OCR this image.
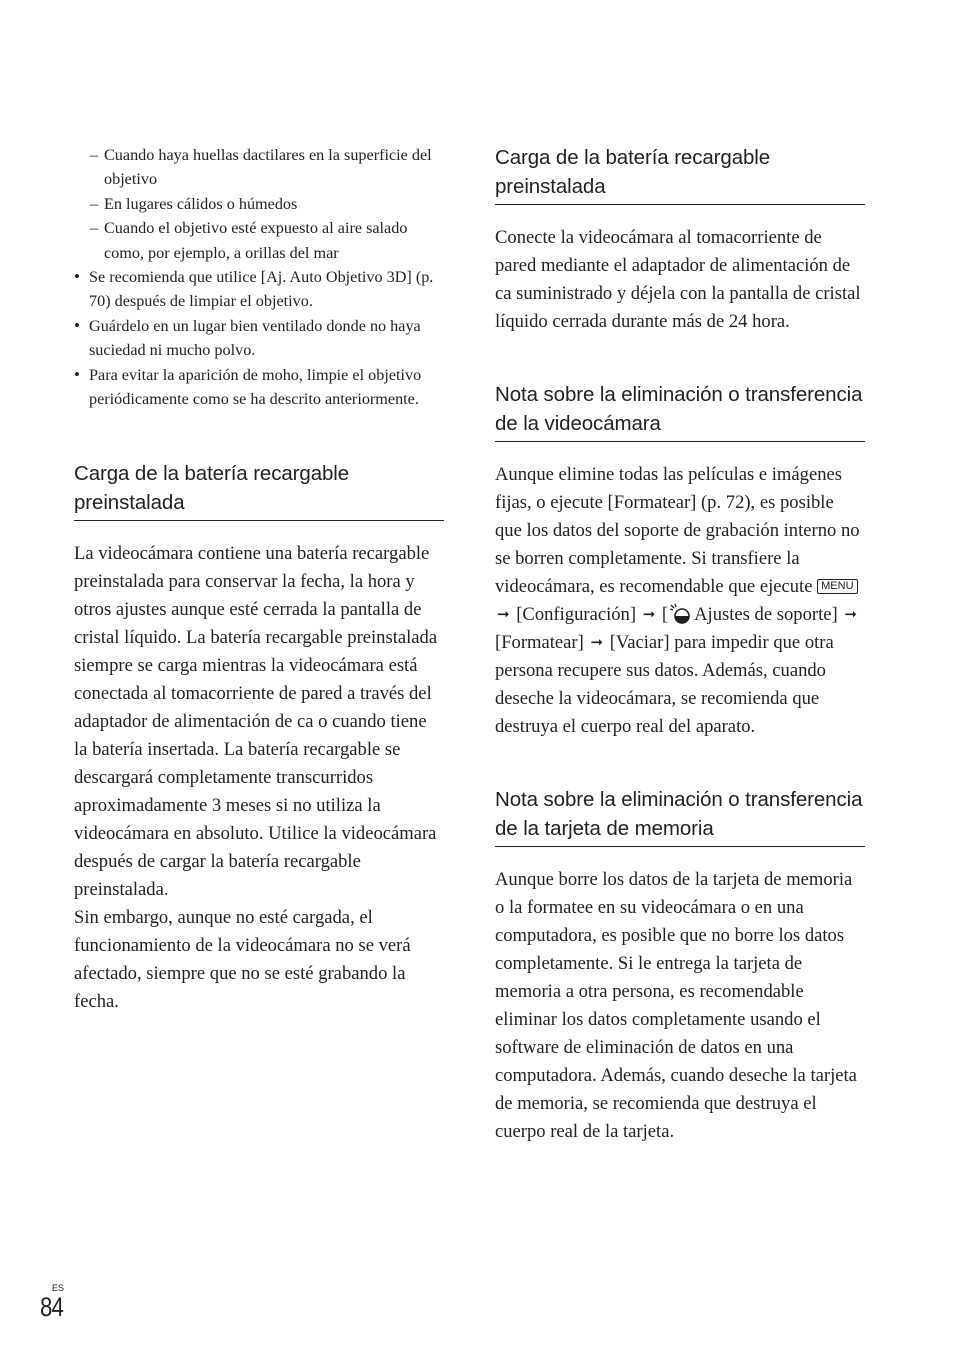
– Cuando haya huellas dactilares en la superficie del objetivo
– En lugares cálidos o húmedos
– Cuando el objetivo esté expuesto al aire salado como, por ejemplo, a orillas del mar
• Se recomienda que utilice [Aj. Auto Objetivo 3D] (p. 70) después de limpiar el objetivo.
• Guárdelo en un lugar bien ventilado donde no haya suciedad ni mucho polvo.
• Para evitar la aparición de moho, limpie el objetivo periódicamente como se ha descrito anteriormente.
Carga de la batería recargable preinstalada

La videocámara contiene una batería recargable preinstalada para conservar la fecha, la hora y otros ajustes aunque esté cerrada la pantalla de cristal líquido. La batería recargable preinstalada siempre se carga mientras la videocámara está conectada al tomacorriente de pared a través del adaptador de alimentación de ca o cuando tiene la batería insertada. La batería recargable se descargará completamente transcurridos aproximadamente 3 meses si no utiliza la videocámara en absoluto. Utilice la videocámara después de cargar la batería recargable preinstalada.

Sin embargo, aunque no esté cargada, el funcionamiento de la videocámara no se verá afectado, siempre que no se esté grabando la fecha.

Carga de la batería recargable preinstalada
Conecte la videocámara al tomacorriente de pared mediante el adaptador de alimentación de ca suministrado y déjela con la pantalla de cristal líquido cerrada durante más de 24 hora.
Nota sobre la eliminación o transferencia de la videocámara
Aunque elimine todas las películas e imágenes fijas, o ejecute [Formatear] (p. 72), es posible que los datos del soporte de grabación interno no se borren completamente. Si transfiere la videocámara, es recomendable que ejecute MENU ➞ [Configuración] ➞ [ Ajustes de soporte] ➞ [Formatear] ➞ [Vaciar] para impedir que otra persona recupere sus datos. Además, cuando deseche la videocámara, se recomienda que destruya el cuerpo real del aparato.
Nota sobre la eliminación o transferencia de la tarjeta de memoria
Aunque borre los datos de la tarjeta de memoria o la formatee en su videocámara o en una computadora, es posible que no borre los datos completamente. Si le entrega la tarjeta de memoria a otra persona, es recomendable eliminar los datos completamente usando el software de eliminación de datos en una computadora. Además, cuando deseche la tarjeta de memoria, se recomienda que destruya el cuerpo real de la tarjeta.
ES
84
